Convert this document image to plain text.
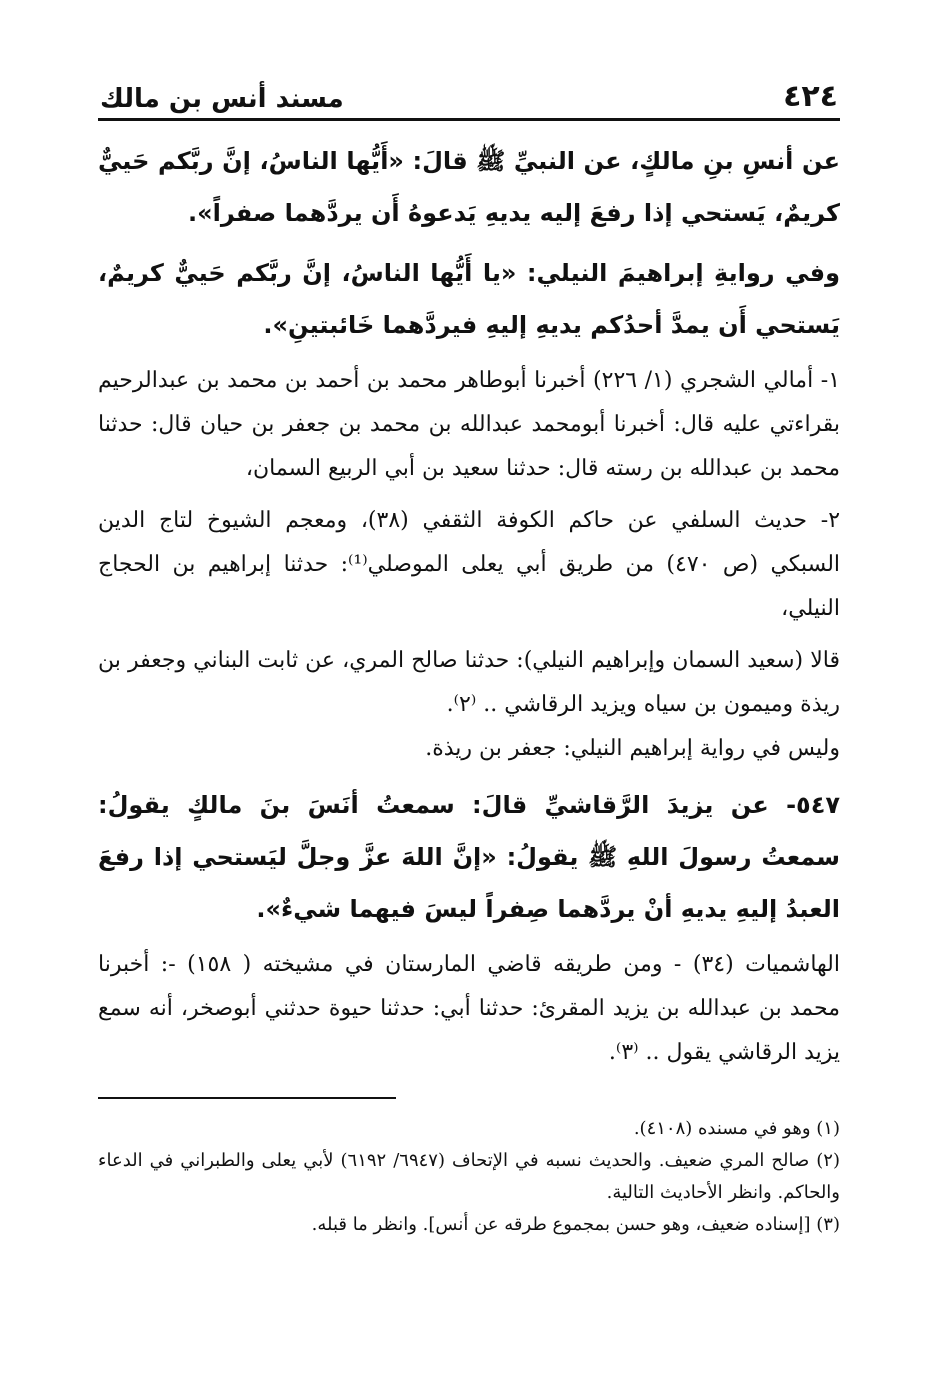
٤٢٤
مسند أنس بن مالك

عن أنسِ بنِ مالكٍ، عن النبيِّ ﷺ قالَ: «أَيُّها الناسُ، إنَّ ربَّكم حَييٌّ كريمٌ، يَستحي إذا رفعَ إليه يديهِ يَدعوهُ أَن يردَّهما صفراً».

وفي روايةِ إبراهيمَ النيلي: «يا أَيُّها الناسُ، إنَّ ربَّكم حَييٌّ كريمٌ، يَستحي أَن يمدَّ أحدُكم يديهِ إليهِ فيردَّهما خَائبتينِ».

١- أمالي الشجري (١/ ٢٢٦) أخبرنا أبوطاهر محمد بن أحمد بن محمد بن عبدالرحيم بقراءتي عليه قال: أخبرنا أبومحمد عبدالله بن محمد بن جعفر بن حيان قال: حدثنا محمد بن عبدالله بن رسته قال: حدثنا سعيد بن أبي الربيع السمان،

٢- حديث السلفي عن حاكم الكوفة الثقفي (٣٨)، ومعجم الشيوخ لتاج الدين السبكي (ص ٤٧٠) من طريق أبي يعلى الموصلي⁽¹⁾: حدثنا إبراهيم بن الحجاج النيلي،

قالا (سعيد السمان وإبراهيم النيلي): حدثنا صالح المري، عن ثابت البناني وجعفر بن ريذة وميمون بن سياه ويزيد الرقاشي .. ⁽٢⁾.

وليس في رواية إبراهيم النيلي: جعفر بن ريذة.

٥٤٧- عن يزيدَ الرَّقاشيِّ قالَ: سمعتُ أنَسَ بنَ مالكٍ يقولُ: سمعتُ رسولَ اللهِ ﷺ يقولُ: «إنَّ اللهَ عزَّ وجلَّ ليَستحي إذا رفعَ العبدُ إليهِ يديهِ أنْ يردَّهما صِفراً ليسَ فيهما شيءٌ».

الهاشميات (٣٤) - ومن طريقه قاضي المارستان في مشيخته ( ١٥٨) -: أخبرنا محمد بن عبدالله بن يزيد المقرئ: حدثنا أبي: حدثنا حيوة حدثني أبوصخر، أنه سمع يزيد الرقاشي يقول .. ⁽٣⁾.

(١) وهو في مسنده (٤١٠٨).

(٢) صالح المري ضعيف. والحديث نسبه في الإتحاف (٦٩٤٧/ ٦١٩٢) لأبي يعلى والطبراني في الدعاء والحاكم. وانظر الأحاديث التالية.

(٣) [إسناده ضعيف، وهو حسن بمجموع طرقه عن أنس]. وانظر ما قبله.
